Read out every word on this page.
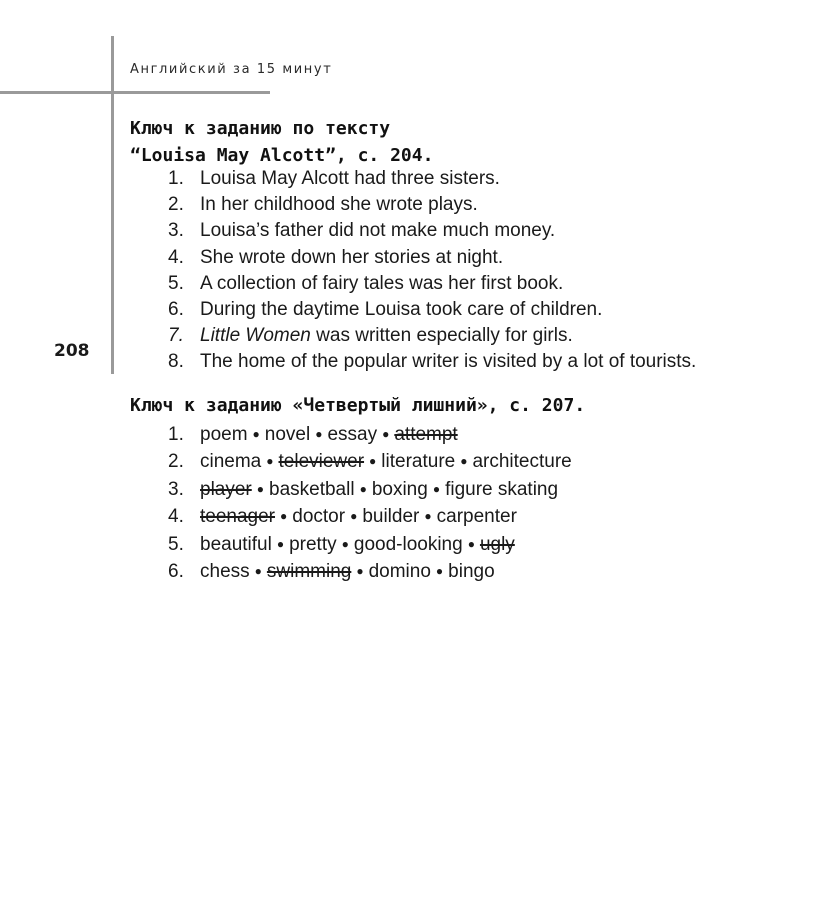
Английский за 15 минут
208
Ключ к заданию по тексту
“Louisa May Alcott”, с. 204.
1. Louisa May Alcott had three sisters.
2. In her childhood she wrote plays.
3. Louisa’s father did not make much money.
4. She wrote down her stories at night.
5. A collection of fairy tales was her first book.
6. During the daytime Louisa took care of children.
7. Little Women was written especially for girls.
8. The home of the popular writer is visited by a lot of tourists.
Ключ к заданию «Четвертый лишний», с. 207.
1. poem ● novel ● essay ● attempt
2. cinema ● televiewer ● literature ● architecture
3. player ● basketball ● boxing ● figure skating
4. teenager ● doctor ● builder ● carpenter
5. beautiful ● pretty ● good-looking ● ugly
6. chess ● swimming ● domino ● bingo
